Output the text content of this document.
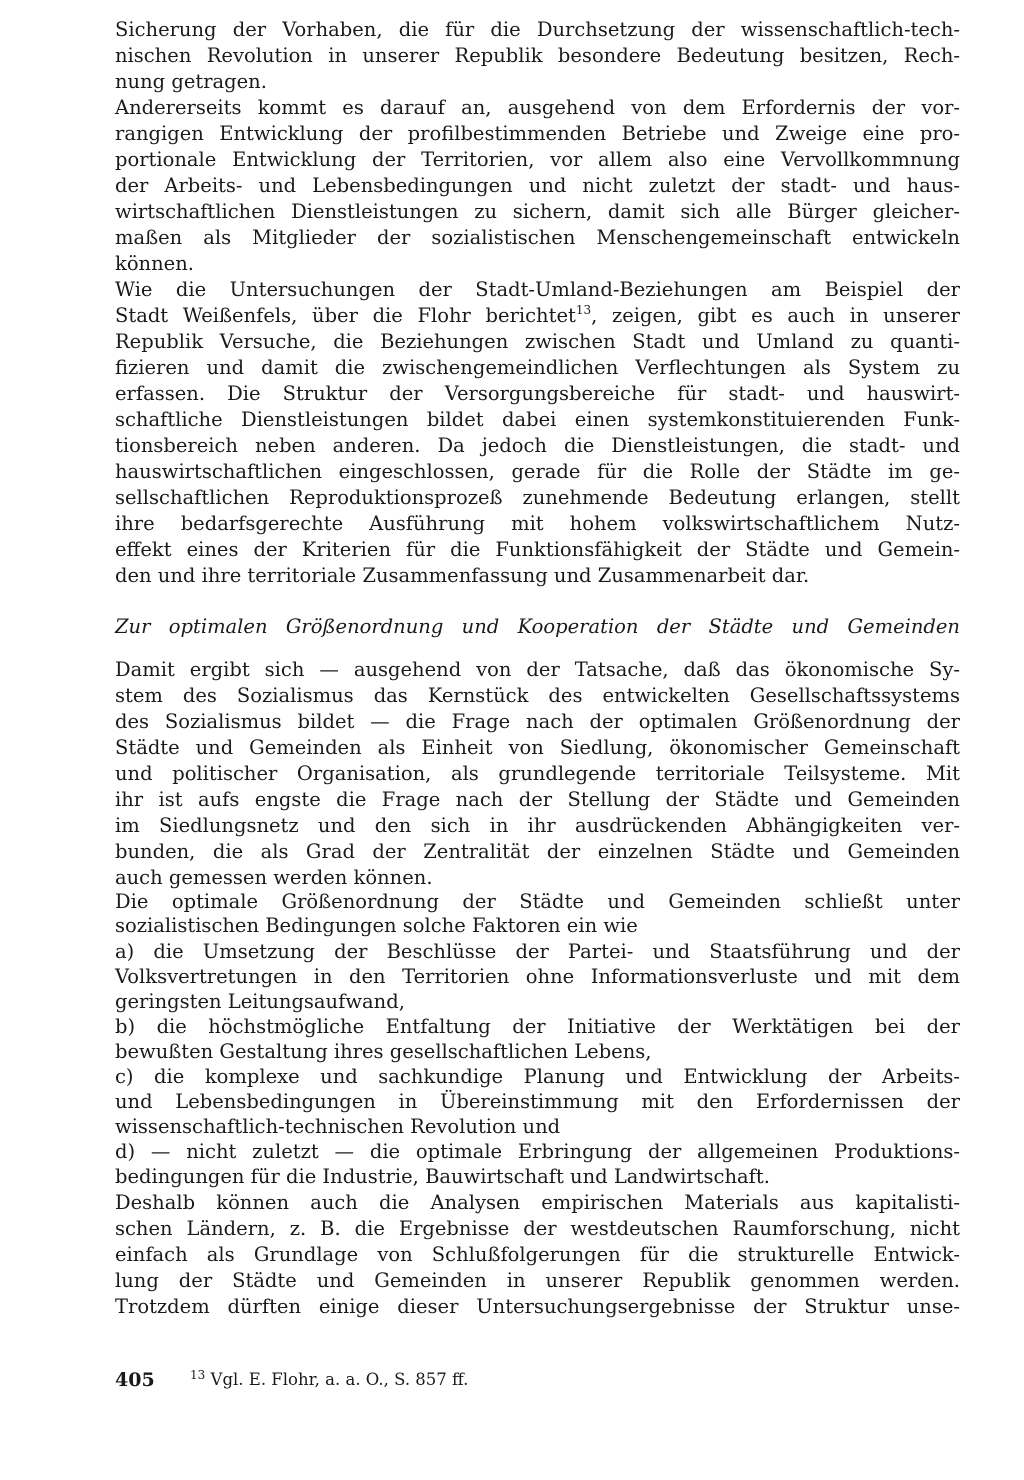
Sicherung der Vorhaben, die für die Durchsetzung der wissenschaftlich-tech-
nischen Revolution in unserer Republik besondere Bedeutung besitzen, Rech-
nung getragen.
Andererseits kommt es darauf an, ausgehend von dem Erfordernis der vor-
rangigen Entwicklung der profilbestimmenden Betriebe und Zweige eine pro-
portionale Entwicklung der Territorien, vor allem also eine Vervollkommnung
der Arbeits- und Lebensbedingungen und nicht zuletzt der stadt- und haus-
wirtschaftlichen Dienstleistungen zu sichern, damit sich alle Bürger gleicher-
maßen als Mitglieder der sozialistischen Menschengemeinschaft entwickeln
können.
Wie die Untersuchungen der Stadt-Umland-Beziehungen am Beispiel der
Stadt Weißenfels, über die Flohr berichtet$^{13}$, zeigen, gibt es auch in unserer
Republik Versuche, die Beziehungen zwischen Stadt und Umland zu quanti-
fizieren und damit die zwischengemeindlichen Verflechtungen als System zu
erfassen. Die Struktur der Versorgungsbereiche für stadt- und hauswirt-
schaftliche Dienstleistungen bildet dabei einen systemkonstituierenden Funk-
tionsbereich neben anderen. Da jedoch die Dienstleistungen, die stadt- und
hauswirtschaftlichen eingeschlossen, gerade für die Rolle der Städte im ge-
sellschaftlichen Reproduktionsprozeß zunehmende Bedeutung erlangen, stellt
ihre bedarfsgerechte Ausführung mit hohem volkswirtschaftlichem Nutz-
effekt eines der Kriterien für die Funktionsfähigkeit der Städte und Gemein-
den und ihre territoriale Zusammenfassung und Zusammenarbeit dar.
Zur optimalen Größenordnung und Kooperation der Städte und Gemeinden
Damit ergibt sich — ausgehend von der Tatsache, daß das ökonomische Sy-
stem des Sozialismus das Kernstück des entwickelten Gesellschaftssystems
des Sozialismus bildet — die Frage nach der optimalen Größenordnung der
Städte und Gemeinden als Einheit von Siedlung, ökonomischer Gemeinschaft
und politischer Organisation, als grundlegende territoriale Teilsysteme. Mit
ihr ist aufs engste die Frage nach der Stellung der Städte und Gemeinden
im Siedlungsnetz und den sich in ihr ausdrückenden Abhängigkeiten ver-
bunden, die als Grad der Zentralität der einzelnen Städte und Gemeinden
auch gemessen werden können.
Die optimale Größenordnung der Städte und Gemeinden schließt unter
sozialistischen Bedingungen solche Faktoren ein wie
a) die Umsetzung der Beschlüsse der Partei- und Staatsführung und der
Volksvertretungen in den Territorien ohne Informationsverluste und mit dem
geringsten Leitungsaufwand,
b) die höchstmögliche Entfaltung der Initiative der Werktätigen bei der
bewußten Gestaltung ihres gesellschaftlichen Lebens,
c) die komplexe und sachkundige Planung und Entwicklung der Arbeits-
und Lebensbedingungen in Übereinstimmung mit den Erfordernissen der
wissenschaftlich-technischen Revolution und
d) — nicht zuletzt — die optimale Erbringung der allgemeinen Produktions-
bedingungen für die Industrie, Bauwirtschaft und Landwirtschaft.
Deshalb können auch die Analysen empirischen Materials aus kapitalisti-
schen Ländern, z. B. die Ergebnisse der westdeutschen Raumforschung, nicht
einfach als Grundlage von Schlußfolgerungen für die strukturelle Entwick-
lung der Städte und Gemeinden in unserer Republik genommen werden.
Trotzdem dürften einige dieser Untersuchungsergebnisse der Struktur unse-
405	$^{13}$ Vgl. E. Flohr, a. a. O., S. 857 ff.
